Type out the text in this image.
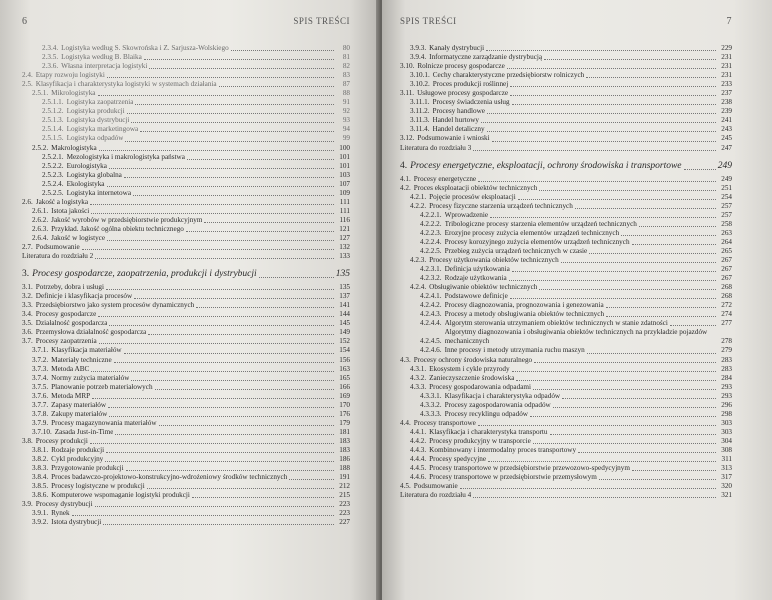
6	SPIS TREŚCI
2.3.4. Logistyka według S. Skowrońska i Z. Sarjusza-Wolskiego	80
2.3.5. Logistyka według B. Blaika	81
2.3.6. Własna interpretacja logistyki	82
2.4. Etapy rozwoju logistyki	83
2.5. Klasyfikacja i charakterystyka logistyki w systemach działania	87
2.5.1. Mikrologistyka	88
2.5.1.1. Logistyka zaopatrzenia	91
2.5.1.2. Logistyka produkcji	92
2.5.1.3. Logistyka dystrybucji	93
2.5.1.4. Logistyka marketingowa	94
2.5.1.5. Logistyka odpadów	99
2.5.2. Makrologistyka	100
2.5.2.1. Mezologistyka i makrologistyka państwa	101
2.5.2.2. Eurologistyka	101
2.5.2.3. Logistyka globalna	103
2.5.2.4. Ekologistyka	107
2.5.2.5. Logistyka internetowa	109
2.6. Jakość a logistyka	111
2.6.1. Istota jakości	111
2.6.2. Jakość wyrobów w przedsiębiorstwie produkcyjnym	116
2.6.3. Przykład. Jakość ogólna obiektu technicznego	121
2.6.4. Jakość w logistyce	127
2.7. Podsumowanie	132
Literatura do rozdziału 2	133
3. Procesy gospodarcze, zaopatrzenia, produkcji i dystrybucji	135
3.1. Potrzeby, dobra i usługi	135
3.2. Definicje i klasyfikacja procesów	137
3.3. Przedsiębiorstwo jako system procesów dynamicznych	141
3.4. Procesy gospodarcze	144
3.5. Działalność gospodarcza	145
3.6. Przemysłowa działalność gospodarcza	149
3.7. Procesy zaopatrzenia	152
3.7.1. Klasyfikacja materiałów	154
3.7.2. Materiały techniczne	156
3.7.3. Metoda ABC	163
3.7.4. Normy zużycia materiałów	165
3.7.5. Planowanie potrzeb materiałowych	166
3.7.6. Metoda MRP	169
3.7.7. Zapasy materiałów	170
3.7.8. Zakupy materiałów	176
3.7.9. Procesy magazynowania materiałów	179
3.7.10. Zasada Just-in-Time	181
3.8. Procesy produkcji	183
3.8.1. Rodzaje produkcji	183
3.8.2. Cykl produkcyjny	186
3.8.3. Przygotowanie produkcji	188
3.8.4. Proces badawczo-projektowo-konstrukcyjno-wdrożeniowy środków technicznych	191
3.8.5. Procesy logistyczne w produkcji	212
3.8.6. Komputerowe wspomaganie logistyki produkcji	215
3.9. Procesy dystrybucji	223
3.9.1. Rynek	223
3.9.2. Istota dystrybucji	227
SPIS TREŚCI	7
3.9.3. Kanały dystrybucji	229
3.9.4. Informatyczne zarządzanie dystrybucją	231
3.10. Rolnicze procesy gospodarcze	231
3.10.1. Cechy charakterystyczne przedsiębiorstw rolniczych	231
3.10.2. Proces produkcji roślinnej	233
3.11. Usługowe procesy gospodarcze	237
3.11.1. Procesy świadczenia usług	238
3.11.2. Procesy handlowe	239
3.11.3. Handel hurtowy	241
3.11.4. Handel detaliczny	243
3.12. Podsumowanie i wnioski	245
Literatura do rozdziału 3	247
4. Procesy energetyczne, eksploatacji, ochrony środowiska i transportowe	249
4.1. Procesy energetyczne	249
4.2. Proces eksploatacji obiektów technicznych	251
4.2.1. Pojęcie procesów eksploatacji	254
4.2.2. Procesy fizyczne starzenia urządzeń technicznych	257
4.2.2.1. Wprowadzenie	257
4.2.2.2. Tribologiczne procesy starzenia elementów urządzeń technicznych	258
4.2.2.3. Erozyjne procesy zużycia elementów urządzeń technicznych	263
4.2.2.4. Procesy korozyjnego zużycia elementów urządzeń technicznych	264
4.2.2.5. Przebieg zużycia urządzeń technicznych w czasie	265
4.2.3. Procesy użytkowania obiektów technicznych	267
4.2.3.1. Definicja użytkowania	267
4.2.3.2. Rodzaje użytkowania	267
4.2.4. Obsługiwanie obiektów technicznych	268
4.2.4.1. Podstawowe definicje	268
4.2.4.2. Procesy diagnozowania, prognozowania i genezowania	272
4.2.4.3. Procesy a metody obsługiwania obiektów technicznych	274
4.2.4.4. Algorytm sterowania utrzymaniem obiektów technicznych w stanie zdatności	277
4.2.4.5.
Algorytmy diagnozowania i obsługiwania obiektów technicznych na przykładzie pojazdów mechanicznych	278
4.2.4.6. Inne procesy i metody utrzymania ruchu maszyn	279
4.3. Procesy ochrony środowiska naturalnego	283
4.3.1. Ekosystem i cykle przyrody	283
4.3.2. Zanieczyszczenie środowiska	284
4.3.3. Procesy gospodarowania odpadami	293
4.3.3.1. Klasyfikacja i charakterystyka odpadów	293
4.3.3.2. Procesy zagospodarowania odpadów	296
4.3.3.3. Procesy recyklingu odpadów	298
4.4. Procesy transportowe	303
4.4.1. Klasyfikacja i charakterystyka transportu	303
4.4.2. Procesy produkcyjny w transporcie	304
4.4.3. Kombinowany i intermodalny proces transportowy	308
4.4.4. Procesy spedycyjne	311
4.4.5. Procesy transportowe w przedsiębiorstwie przewozowo-spedycyjnym	313
4.4.6. Procesy transportowe w przedsiębiorstwie przemysłowym	317
4.5. Podsumowanie	320
Literatura do rozdziału 4	321
